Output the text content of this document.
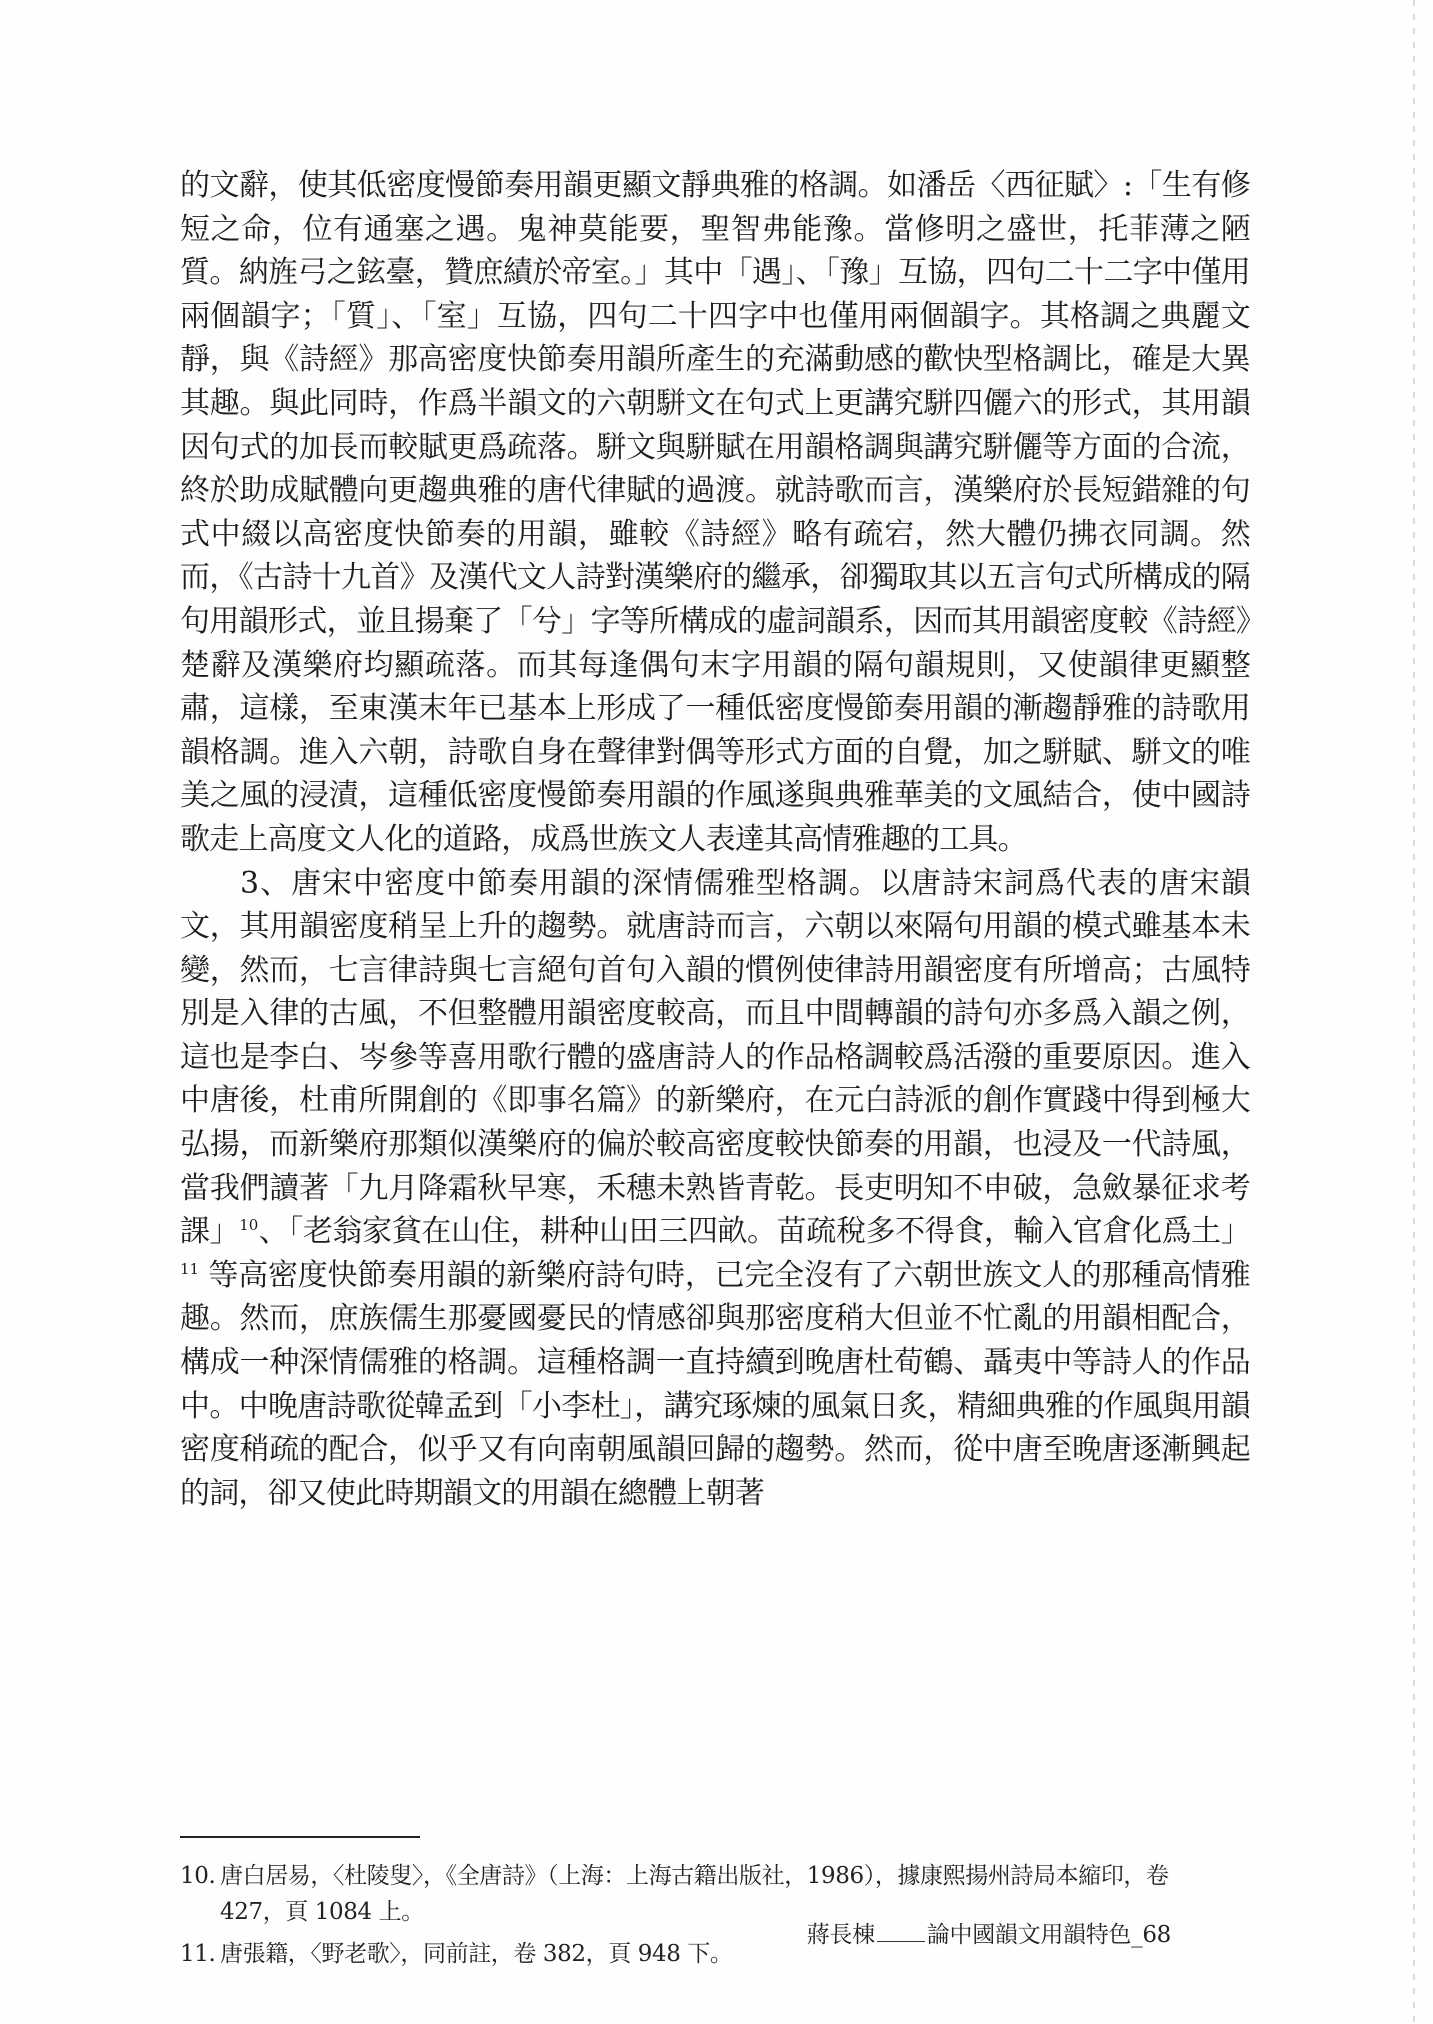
的文辭，使其低密度慢節奏用韻更顯文靜典雅的格調。如潘岳〈西征賦〉:「生有修短之命，位有通塞之遇。鬼神莫能要，聖智弗能豫。當修明之盛世，托菲薄之陋質。納旌弓之鉉臺，贊庶績於帝室。」其中「遇」、「豫」互協，四句二十二字中僅用兩個韻字；「質」、「室」互協，四句二十四字中也僅用兩個韻字。其格調之典麗文靜，與《詩經》那高密度快節奏用韻所產生的充滿動感的歡快型格調比，確是大異其趣。與此同時，作爲半韻文的六朝駢文在句式上更講究駢四儷六的形式，其用韻因句式的加長而較賦更爲疏落。駢文與駢賦在用韻格調與講究駢儷等方面的合流，終於助成賦體向更趨典雅的唐代律賦的過渡。就詩歌而言，漢樂府於長短錯雜的句式中綴以高密度快節奏的用韻，雖較《詩經》略有疏宕，然大體仍拂衣同調。然而，《古詩十九首》及漢代文人詩對漢樂府的繼承，卻獨取其以五言句式所構成的隔句用韻形式，並且揚棄了「兮」字等所構成的虛詞韻系，因而其用韻密度較《詩經》楚辭及漢樂府均顯疏落。而其每逢偶句末字用韻的隔句韻規則，又使韻律更顯整肅，這樣，至東漢末年已基本上形成了一種低密度慢節奏用韻的漸趨靜雅的詩歌用韻格調。進入六朝，詩歌自身在聲律對偶等形式方面的自覺，加之駢賦、駢文的唯美之風的浸漬，這種低密度慢節奏用韻的作風遂與典雅華美的文風結合，使中國詩歌走上高度文人化的道路，成爲世族文人表達其高情雅趣的工具。

3、唐宋中密度中節奏用韻的深情儒雅型格調。以唐詩宋詞爲代表的唐宋韻文，其用韻密度稍呈上升的趨勢。就唐詩而言，六朝以來隔句用韻的模式雖基本未變，然而，七言律詩與七言絕句首句入韻的慣例使律詩用韻密度有所增高；古風特別是入律的古風，不但整體用韻密度較高，而且中間轉韻的詩句亦多爲入韻之例，這也是李白、岑參等喜用歌行體的盛唐詩人的作品格調較爲活潑的重要原因。進入中唐後，杜甫所開創的《即事名篇》的新樂府，在元白詩派的創作實踐中得到極大弘揚，而新樂府那類似漢樂府的偏於較高密度較快節奏的用韻，也浸及一代詩風，當我們讀著「九月降霜秋早寒，禾穗未熟皆青乾。長吏明知不申破，急斂暴征求考課」$^{10}$、「老翁家貧在山住，耕种山田三四畝。苗疏稅多不得食，輸入官倉化爲土」$^{11}$ 等高密度快節奏用韻的新樂府詩句時，已完全沒有了六朝世族文人的那種高情雅趣。然而，庶族儒生那憂國憂民的情感卻與那密度稍大但並不忙亂的用韻相配合，構成一种深情儒雅的格調。這種格調一直持續到晚唐杜荀鶴、聶夷中等詩人的作品中。中晚唐詩歌從韓孟到「小李杜」，講究琢煉的風氣日炙，精細典雅的作風與用韻密度稍疏的配合，似乎又有向南朝風韻回歸的趨勢。然而，從中唐至晚唐逐漸興起的詞，卻又使此時期韻文的用韻在總體上朝著

10. 唐白居易，〈杜陵叟〉，《全唐詩》（上海：上海古籍出版社，1986），據康熙揚州詩局本縮印，卷 427，頁 1084 上。
11. 唐張籍，〈野老歌〉，同前註，卷 382，頁 948 下。
蔣長棟 論中國韻文用韻特色_68
